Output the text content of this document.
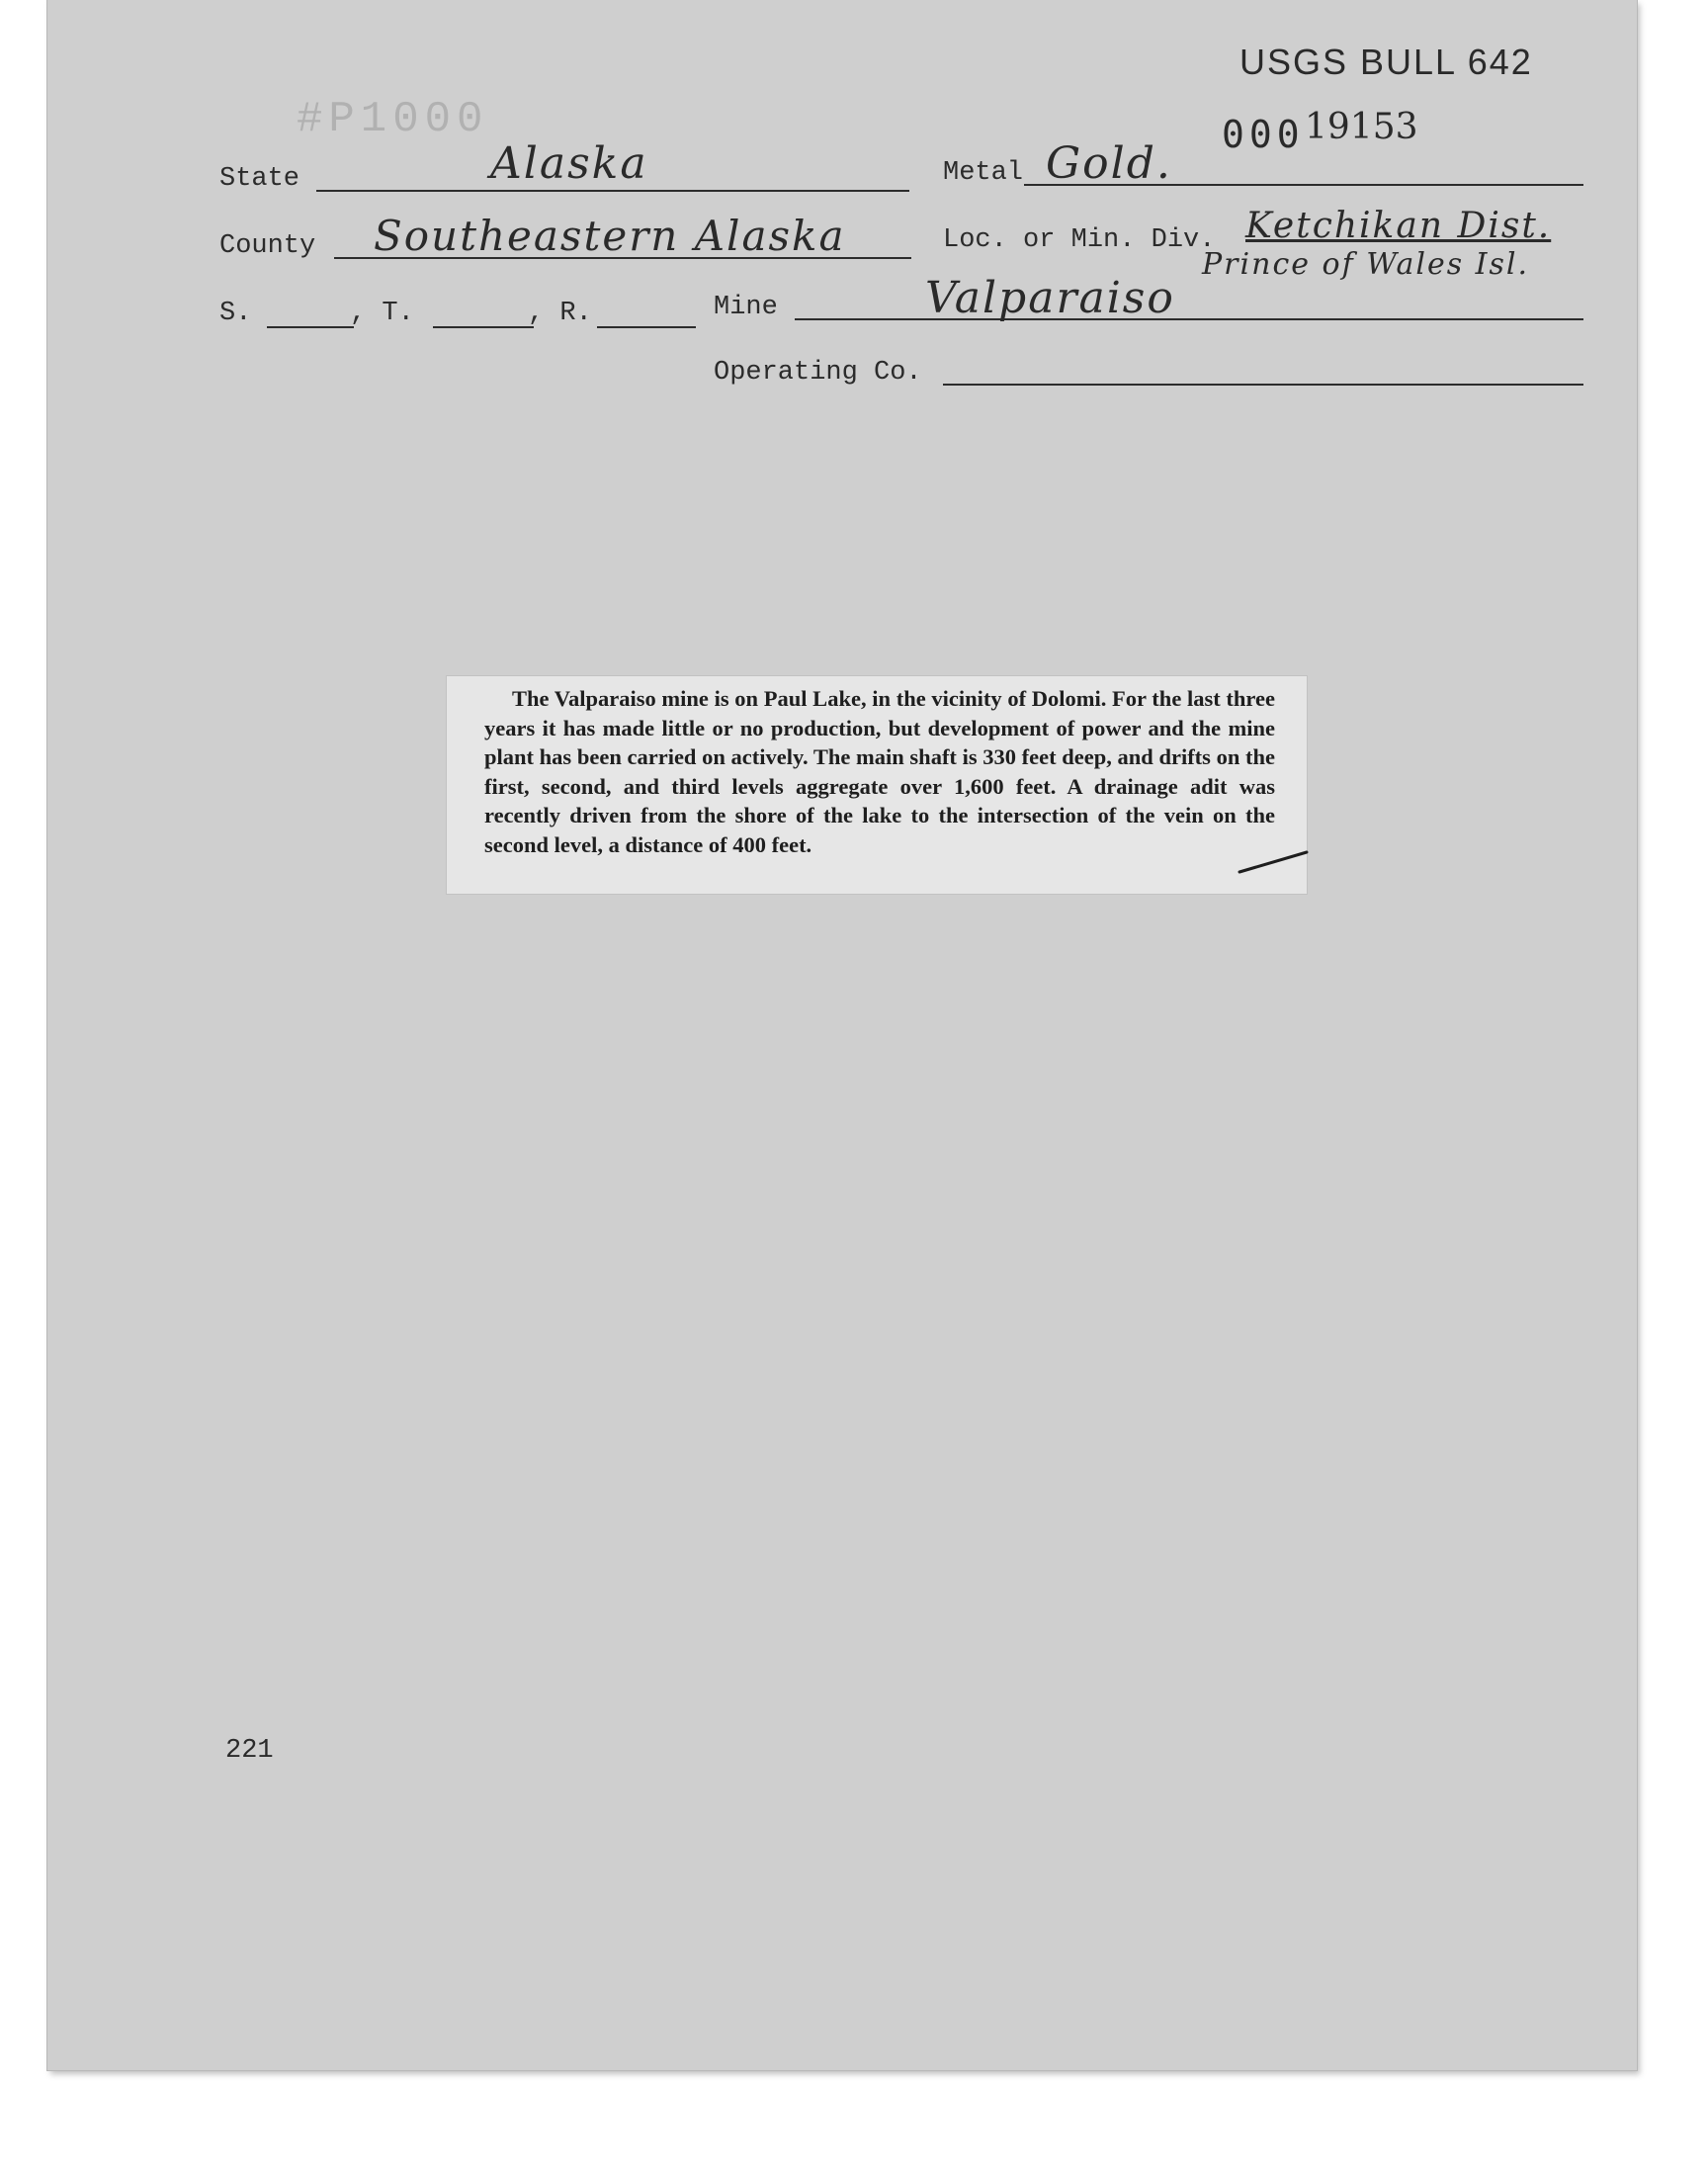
#P1000
USGS BULL 642
000 19153
State	Alaska	Metal Gold.
County Southeastern Alaska	Loc. or Min. Div. Ketchikan Dist.
Prince of Wales Isl.
S.	, T.	, R.	Mine	Valparaiso
Operating Co.
The Valparaiso mine is on Paul Lake, in the vicinity of Dolomi. For the last three years it has made little or no production, but development of power and the mine plant has been carried on actively. The main shaft is 330 feet deep, and drifts on the first, second, and third levels aggregate over 1,600 feet. A drainage adit was recently driven from the shore of the lake to the intersection of the vein on the second level, a distance of 400 feet.
221
